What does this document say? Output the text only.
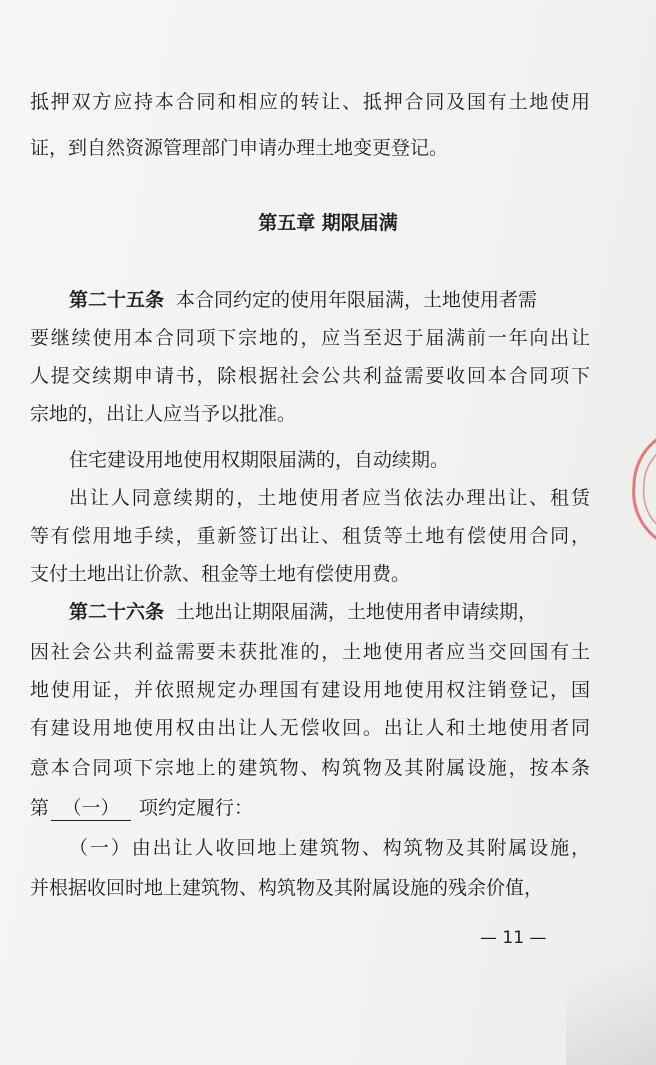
抵押双方应持本合同和相应的转让、抵押合同及国有土地使用
证，到自然资源管理部门申请办理土地变更登记。
第五章 期限届满
第二十五条 本合同约定的使用年限届满，土地使用者需
要继续使用本合同项下宗地的，应当至迟于届满前一年向出让
人提交续期申请书，除根据社会公共利益需要收回本合同项下
宗地的，出让人应当予以批准。
住宅建设用地使用权期限届满的，自动续期。
出让人同意续期的，土地使用者应当依法办理出让、租赁
等有偿用地手续，重新签订出让、租赁等土地有偿使用合同，
支付土地出让价款、租金等土地有偿使用费。
第二十六条 土地出让期限届满，土地使用者申请续期，
因社会公共利益需要未获批准的，土地使用者应当交回国有土
地使用证，并依照规定办理国有建设用地使用权注销登记，国
有建设用地使用权由出让人无偿收回。出让人和土地使用者同
意本合同项下宗地上的建筑物、构筑物及其附属设施，按本条
第 （一） 项约定履行：
（一）由出让人收回地上建筑物、构筑物及其附属设施，
并根据收回时地上建筑物、构筑物及其附属设施的残余价值，
— 11 —
